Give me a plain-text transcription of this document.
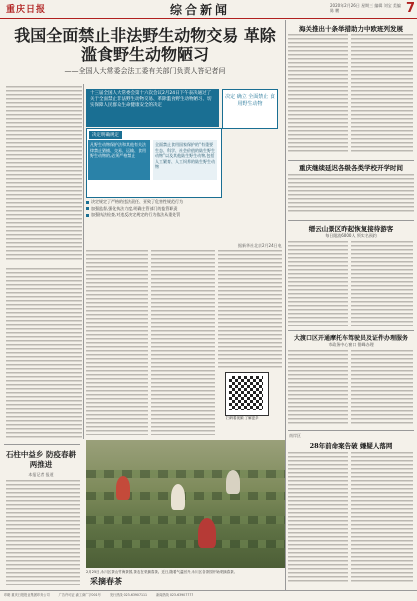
重庆日报	综合新闻	2020年2月26日 星期三 编辑 刘宝 美编 陈 鹏	7
我国全面禁止非法野生动物交易 革除滥食野生动物陋习
——全国人大常委会法工委有关部门负责人答记者问
十三届全国人大常委会第十六次会议2月24日下午表决通过了关于全面禁止非法野生动物交易、革除滥食野生动物陋习、切实保障人民群众生命健康安全的决定
决定 确立 全面禁止 食用野生动物
决定明确规定
凡野生动物保护法和其他有关法律禁止猎捕、交易、运输、食用野生动物的,必须严格禁止
全面禁止食用国家保护的“有重要生态、科学、社会价值的陆生野生动物”以及其他陆生野生动物,包括人工繁育、人工饲养的陆生野生动物
决定规定了严格的违法责任、亚致了危害性规范行为
加强监督,强化执法力度,明确主管部门的监管职责
加强执法检查,对违反决定规定的行为依法从重处罚
据新华社北京2月24日电
扫码看视频 了解更多
石柱中益乡 防疫春耕两推进
本报记者 报道
2月25日,永川区茶山竹海茶园,茶农在采摘春茶。近日,随着气温回升,永川区各茶园开始采摘春茶。
采摘春茶
海关推出十条举措助力中欧班列发展
重庆继续延迟各级各类学校开学时间
缙云山景区昨起恢复接待游客
每日限流6000人 须实名预约
大渡口区开通摩托车驾驶员及证件办理服务
市政务中心窗口 错峰办理
南岸区
28年前命案告破 嫌疑人落网
印刷 重庆日报报业集团印务公司	广告许可证 渝工商广字001号	发行热线 023-63907111	新闻热线 023-63907777
